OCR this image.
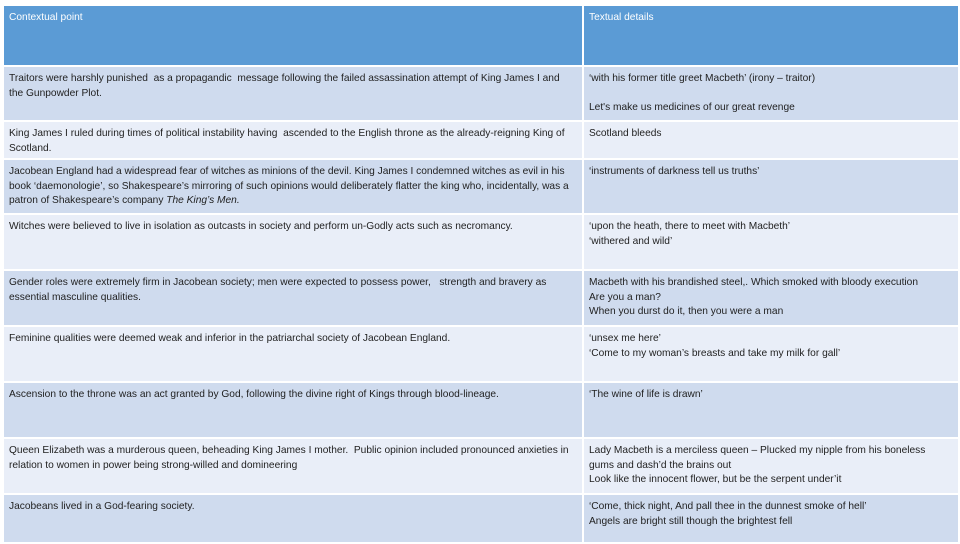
Contextual point	Textual details

Traitors were harshly punished  as a propagandic  message following the failed assassination attempt of King James I and the Gunpowder Plot.	‘with his former title greet Macbeth’ (irony – traitor)
Let's make us medicines of our great revenge

King James I ruled during times of political instability having  ascended to the English throne as the already-reigning King of Scotland.	Scotland bleeds

Jacobean England had a widespread fear of witches as minions of the devil. King James I condemned witches as evil in his book ‘daemonologie’, so Shakespeare’s mirroring of such opinions would deliberately flatter the king who, incidentally, was a patron of Shakespeare’s company The King’s Men.	‘instruments of darkness tell us truths’

Witches were believed to live in isolation as outcasts in society and perform un-Godly acts such as necromancy.	‘upon the heath, there to meet with Macbeth’
‘withered and wild’

Gender roles were extremely firm in Jacobean society; men were expected to possess power,   strength and bravery as essential masculine qualities.	Macbeth with his brandished steel,. Which smoked with bloody execution
Are you a man?
When you durst do it, then you were a man

Feminine qualities were deemed weak and inferior in the patriarchal society of Jacobean England.	‘unsex me here’
‘Come to my woman’s breasts and take my milk for gall’

Ascension to the throne was an act granted by God, following the divine right of Kings through blood-lineage.	‘The wine of life is drawn’

Queen Elizabeth was a murderous queen, beheading King James I mother.  Public opinion included pronounced anxieties in relation to women in power being strong-willed and domineering	Lady Macbeth is a merciless queen – Plucked my nipple from his boneless gums and dash’d the brains out
Look like the innocent flower, but be the serpent under’it

Jacobeans lived in a God-fearing society.	‘Come, thick night, And pall thee in the dunnest smoke of hell’
Angels are bright still though the brightest fell
